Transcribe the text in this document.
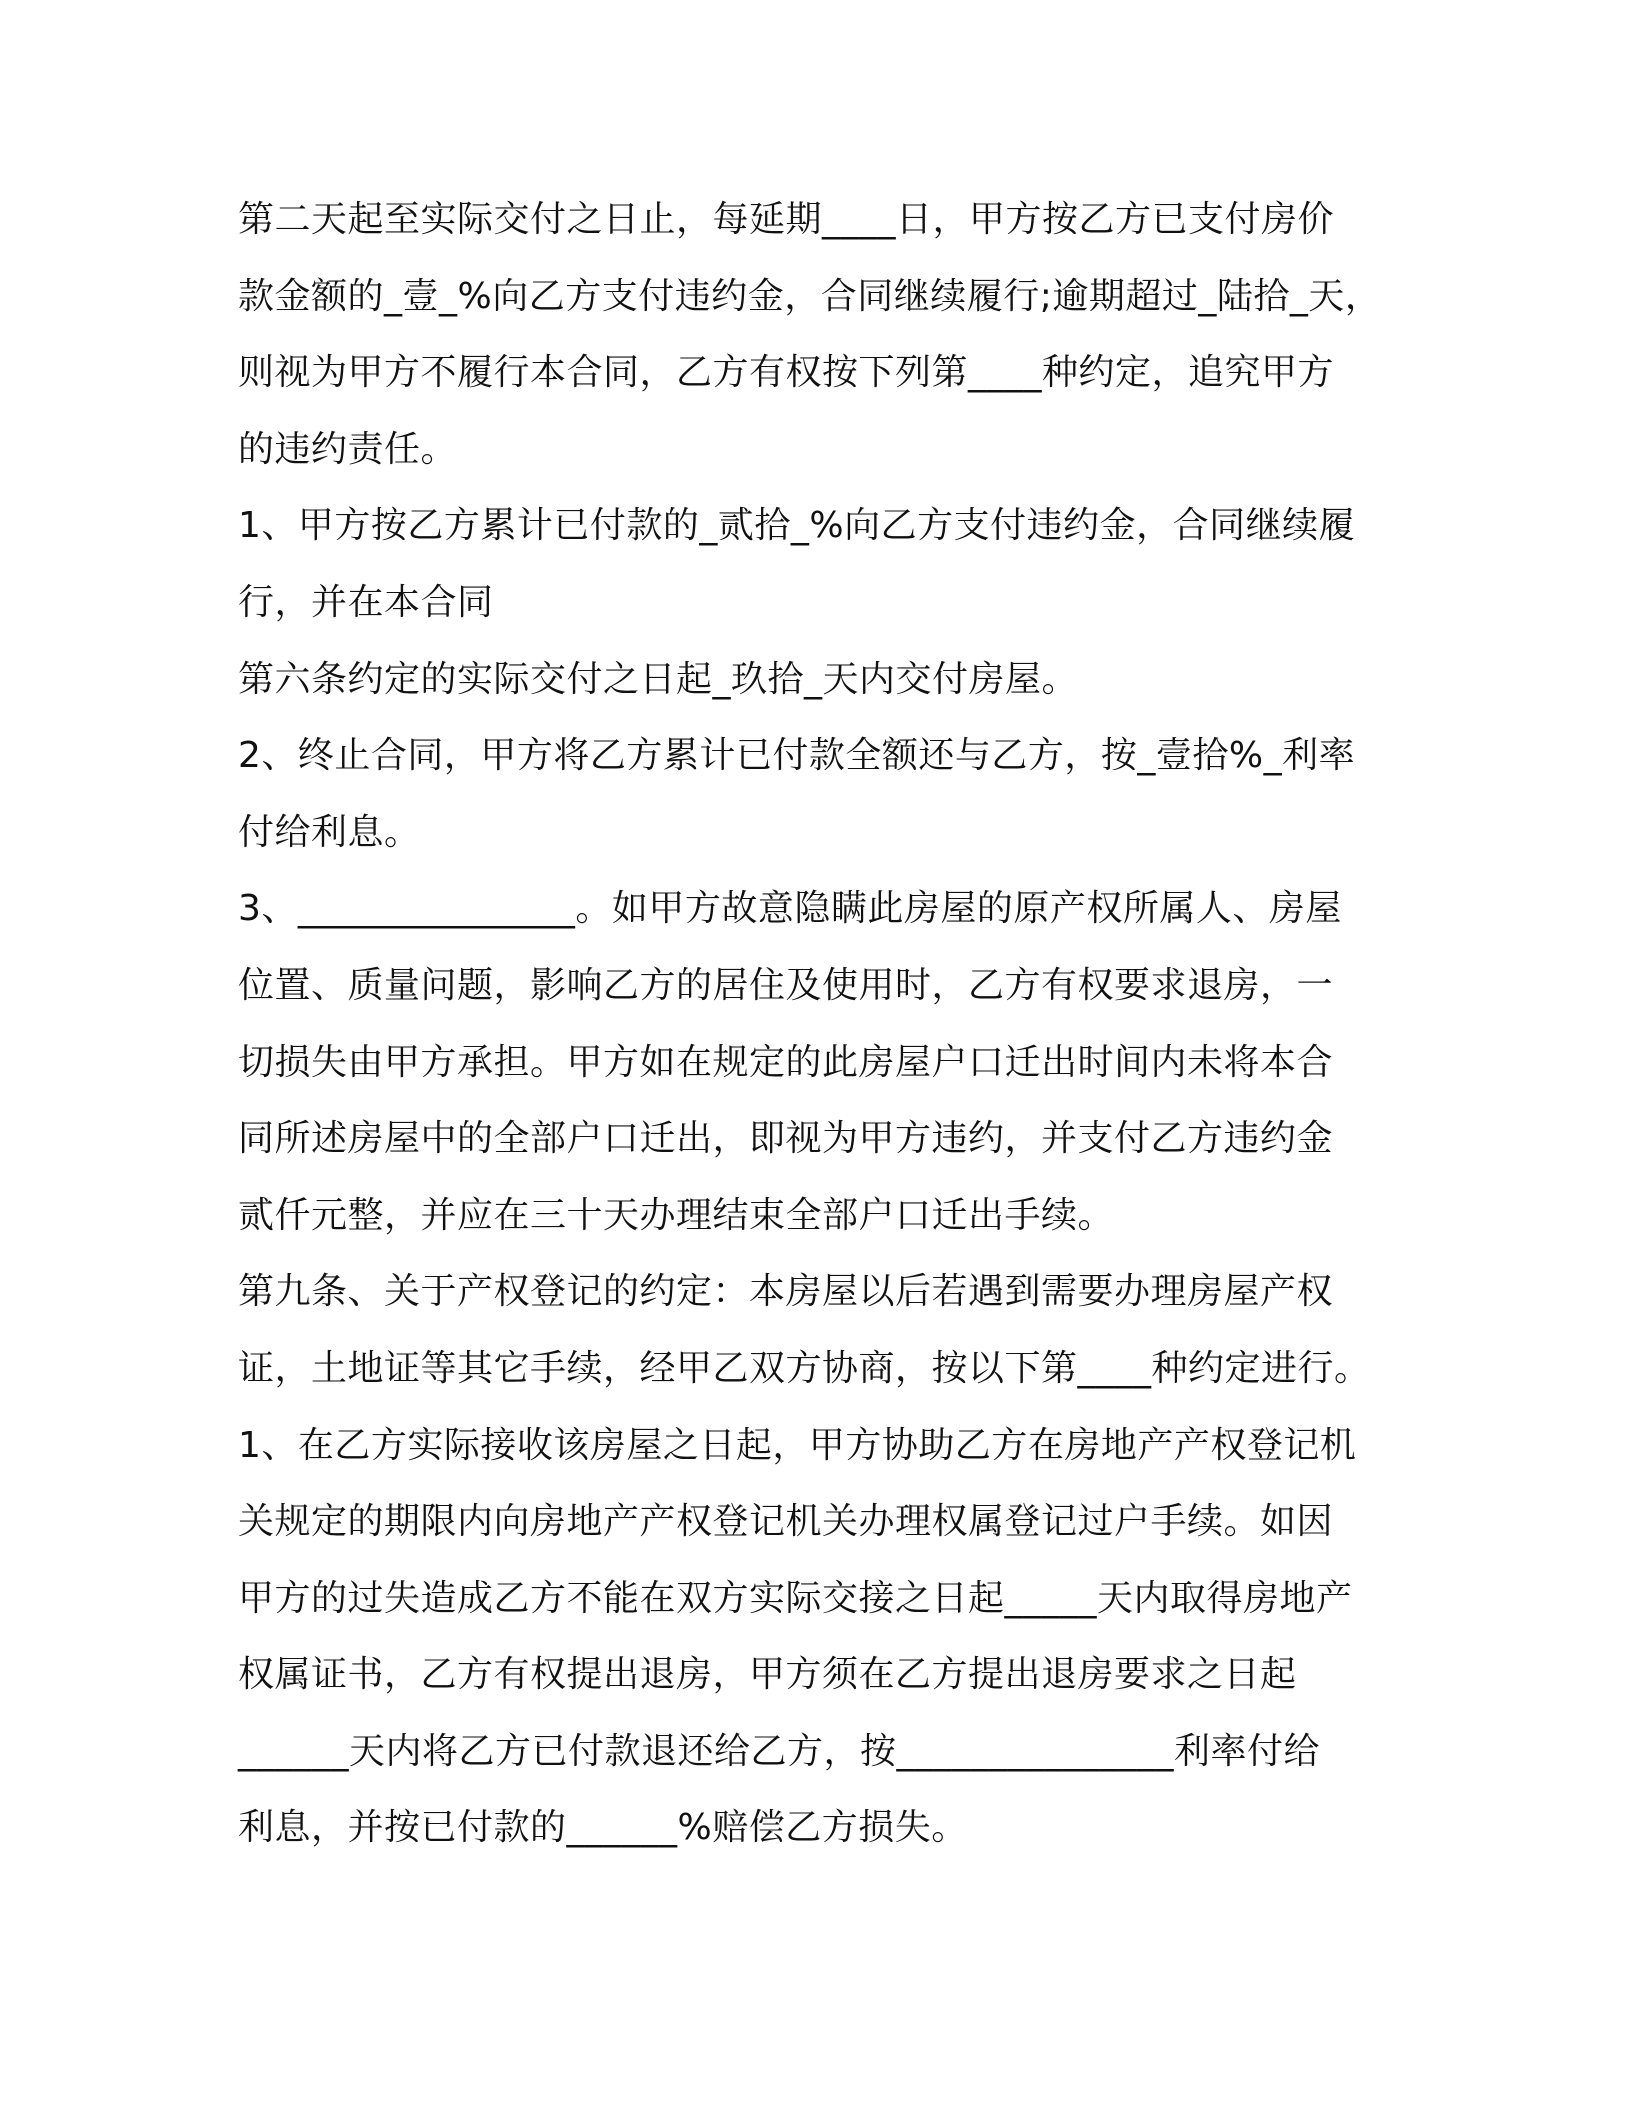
第二天起至实际交付之日止，每延期____日，甲方按乙方已支付房价

款金额的_壹_%向乙方支付违约金，合同继续履行;逾期超过_陆拾_天，

则视为甲方不履行本合同，乙方有权按下列第____种约定，追究甲方

的违约责任。

1、甲方按乙方累计已付款的_贰拾_%向乙方支付违约金，合同继续履

行，并在本合同

第六条约定的实际交付之日起_玖拾_天内交付房屋。

2、终止合同，甲方将乙方累计已付款全额还与乙方，按_壹拾%_利率

付给利息。

3、_______________。如甲方故意隐瞒此房屋的原产权所属人、房屋

位置、质量问题，影响乙方的居住及使用时，乙方有权要求退房，一

切损失由甲方承担。甲方如在规定的此房屋户口迁出时间内未将本合

同所述房屋中的全部户口迁出，即视为甲方违约，并支付乙方违约金

贰仟元整，并应在三十天办理结束全部户口迁出手续。

第九条、关于产权登记的约定：本房屋以后若遇到需要办理房屋产权

证，土地证等其它手续，经甲乙双方协商，按以下第____种约定进行。

1、在乙方实际接收该房屋之日起，甲方协助乙方在房地产产权登记机

关规定的期限内向房地产产权登记机关办理权属登记过户手续。如因

甲方的过失造成乙方不能在双方实际交接之日起_____天内取得房地产

权属证书，乙方有权提出退房，甲方须在乙方提出退房要求之日起

______天内将乙方已付款退还给乙方，按_______________利率付给

利息，并按已付款的______%赔偿乙方损失。
